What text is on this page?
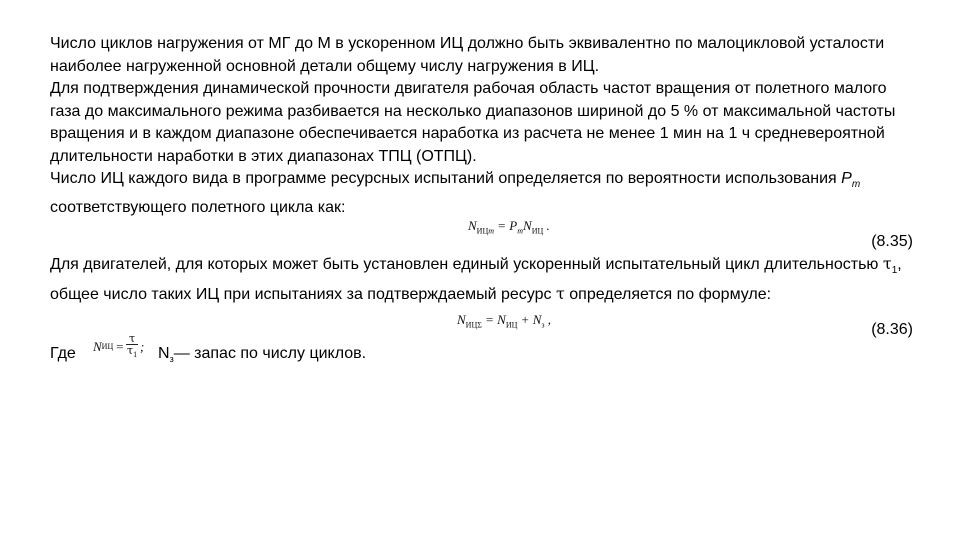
Число циклов нагружения от МГ до М в ускоренном ИЦ должно быть эквивалентно по малоцикловой усталости наиболее нагруженной основной детали общему числу нагружения в ИЦ.
Для подтверждения динамической прочности двигателя рабочая область частот вращения от полетного малого газа до максимального режима разбивается на несколько диапазонов шириной до 5 % от максимальной частоты вращения и в каждом диапазоне обеспечивается наработка из расчета не менее 1 мин на 1 ч средневероятной длительности наработки в этих диапазонах ТПЦ (ОТПЦ).
Число ИЦ каждого вида в программе ресурсных испытаний определяется по вероятности использования $P_m$ соответствующего полетного цикла как:
$N_{ИЦm} = P_mN_{ИЦ}$ .
(8.35)
Для двигателей, для которых может быть установлен единый ускоренный испытательный цикл длительностью $\tau_1$, общее число таких ИЦ при испытаниях за подтверждаемый ресурс τ определяется по формуле:
$N_{ИЦ\Sigma} = N_{ИЦ} + N_з$ ,
(8.36)
Где	N ИЦ =
τ
$\tau_1$
; $N_з—$ запас по числу циклов.
